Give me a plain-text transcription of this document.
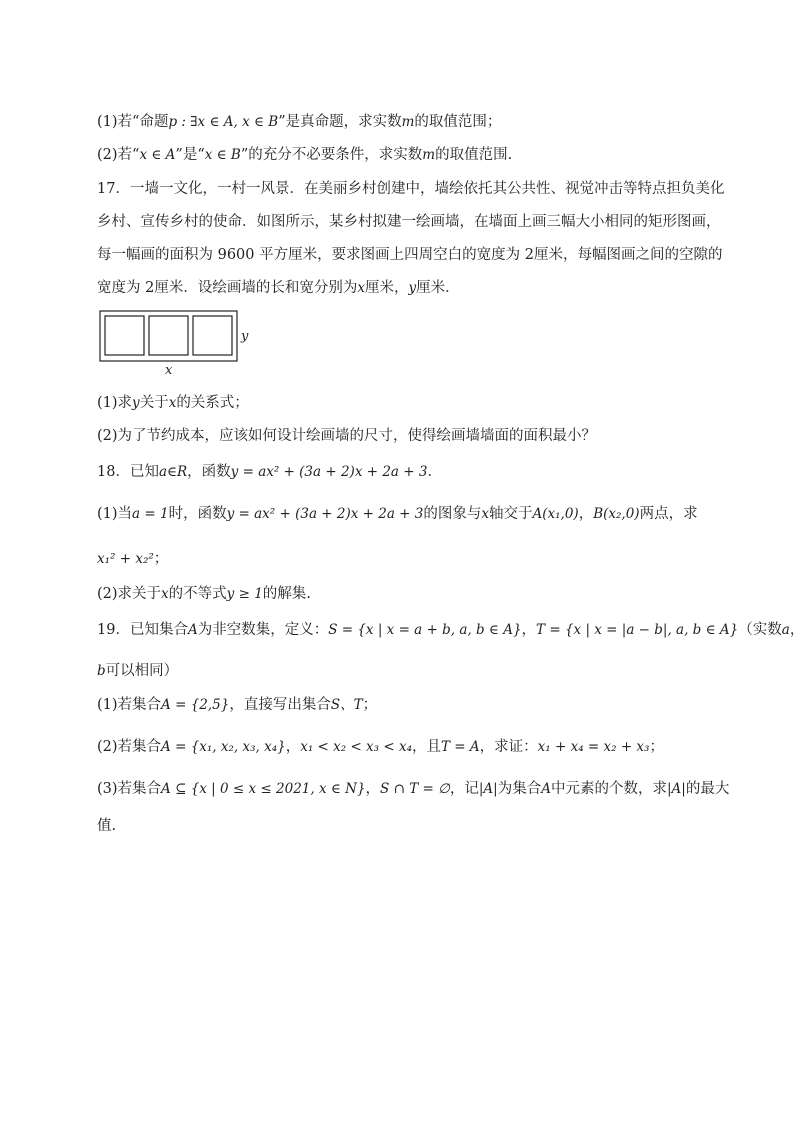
(1)若“命题p : ∃x ∈ A, x ∈ B”是真命题，求实数m的取值范围；
(2)若“x ∈ A”是“x ∈ B”的充分不必要条件，求实数m的取值范围.
17．一墙一文化，一村一风景．在美丽乡村创建中，墙绘依托其公共性、视觉冲击等特点担负美化
乡村、宣传乡村的使命．如图所示，某乡村拟建一绘画墙，在墙面上画三幅大小相同的矩形图画，
每一幅画的面积为 9600 平方厘米，要求图画上四周空白的宽度为 2厘米，每幅图画之间的空隙的
宽度为 2厘米．设绘画墙的长和宽分别为x厘米，y厘米．
y
x
(1)求y关于x的关系式；
(2)为了节约成本，应该如何设计绘画墙的尺寸，使得绘画墙墙面的面积最小？
18．已知a∈R，函数y = ax² + (3a + 2)x + 2a + 3．
(1)当a = 1时，函数y = ax² + (3a + 2)x + 2a + 3的图象与x轴交于A(x₁,0)，B(x₂,0)两点，求
x₁² + x₂²；
(2)求关于x的不等式y ≥ 1的解集.
19．已知集合A为非空数集，定义：S = {x | x = a + b, a, b ∈ A}，T = {x | x = |a − b|, a, b ∈ A}（实数a，
b可以相同）
(1)若集合A = {2,5}，直接写出集合S、T；
(2)若集合A = {x₁, x₂, x₃, x₄}，x₁ < x₂ < x₃ < x₄，且T = A，求证：x₁ + x₄ = x₂ + x₃；
(3)若集合A ⊆ {x | 0 ≤ x ≤ 2021, x ∈ N}，S ∩ T = ∅，记|A|为集合A中元素的个数，求|A|的最大
值.
